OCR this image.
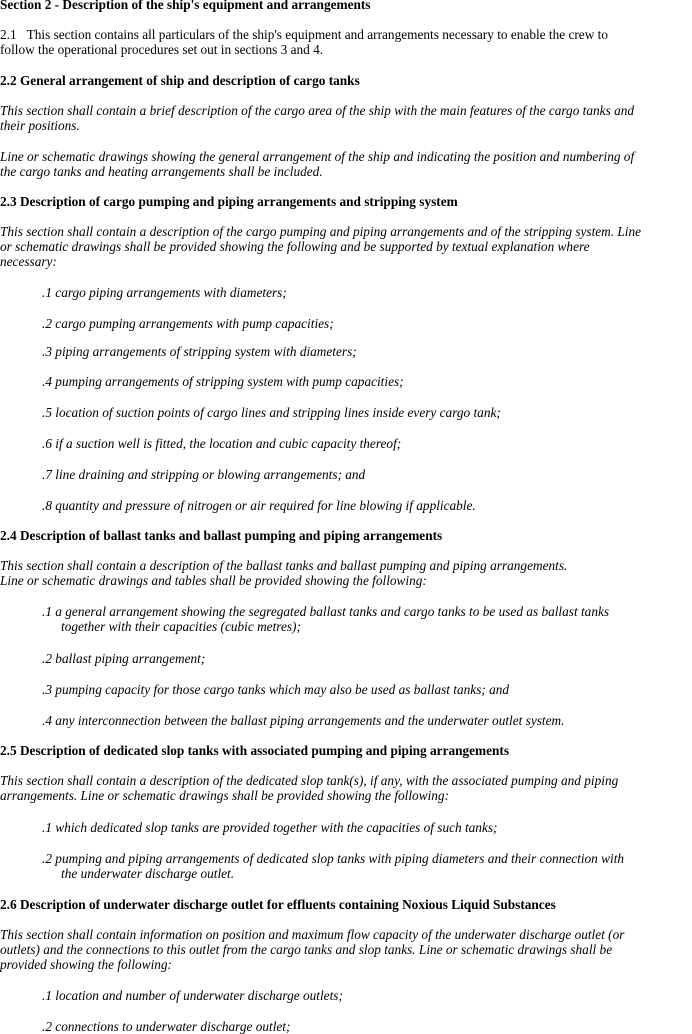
Section 2 - Description of the ship's equipment and arrangements

2.1 This section contains all particulars of the ship's equipment and arrangements necessary to enable the crew to
follow the operational procedures set out in sections 3 and 4.

2.2 General arrangement of ship and description of cargo tanks

This section shall contain a brief description of the cargo area of the ship with the main features of the cargo tanks and
their positions.
Line or schematic drawings showing the general arrangement of the ship and indicating the position and numbering of
the cargo tanks and heating arrangements shall be included.

2.3 Description of cargo pumping and piping arrangements and stripping system

This section shall contain a description of the cargo pumping and piping arrangements and of the stripping system. Line
or schematic drawings shall be provided showing the following and be supported by textual explanation where
necessary:

.1 cargo piping arrangements with diameters;

.2 cargo pumping arrangements with pump capacities;

.3 piping arrangements of stripping system with diameters;

.4 pumping arrangements of stripping system with pump capacities;

.5 location of suction points of cargo lines and stripping lines inside every cargo tank;

.6 if a suction well is fitted, the location and cubic capacity thereof;

.7 line draining and stripping or blowing arrangements; and

.8 quantity and pressure of nitrogen or air required for line blowing if applicable.

2.4 Description of ballast tanks and ballast pumping and piping arrangements

This section shall contain a description of the ballast tanks and ballast pumping and piping arrangements.
Line or schematic drawings and tables shall be provided showing the following:
.1 a general arrangement showing the segregated ballast tanks and cargo tanks to be used as ballast tanks
together with their capacities (cubic metres);

.2 ballast piping arrangement;

.3 pumping capacity for those cargo tanks which may also be used as ballast tanks; and

.4 any interconnection between the ballast piping arrangements and the underwater outlet system.

2.5 Description of dedicated slop tanks with associated pumping and piping arrangements

This section shall contain a description of the dedicated slop tank(s), if any, with the associated pumping and piping
arrangements. Line or schematic drawings shall be provided showing the following:

.1 which dedicated slop tanks are provided together with the capacities of such tanks;

.2 pumping and piping arrangements of dedicated slop tanks with piping diameters and their connection with
the underwater discharge outlet.

2.6 Description of underwater discharge outlet for effluents containing Noxious Liquid Substances

This section shall contain information on position and maximum flow capacity of the underwater discharge outlet (or
outlets) and the connections to this outlet from the cargo tanks and slop tanks. Line or schematic drawings shall be
provided showing the following:

.1 location and number of underwater discharge outlets;

.2 connections to underwater discharge outlet;
